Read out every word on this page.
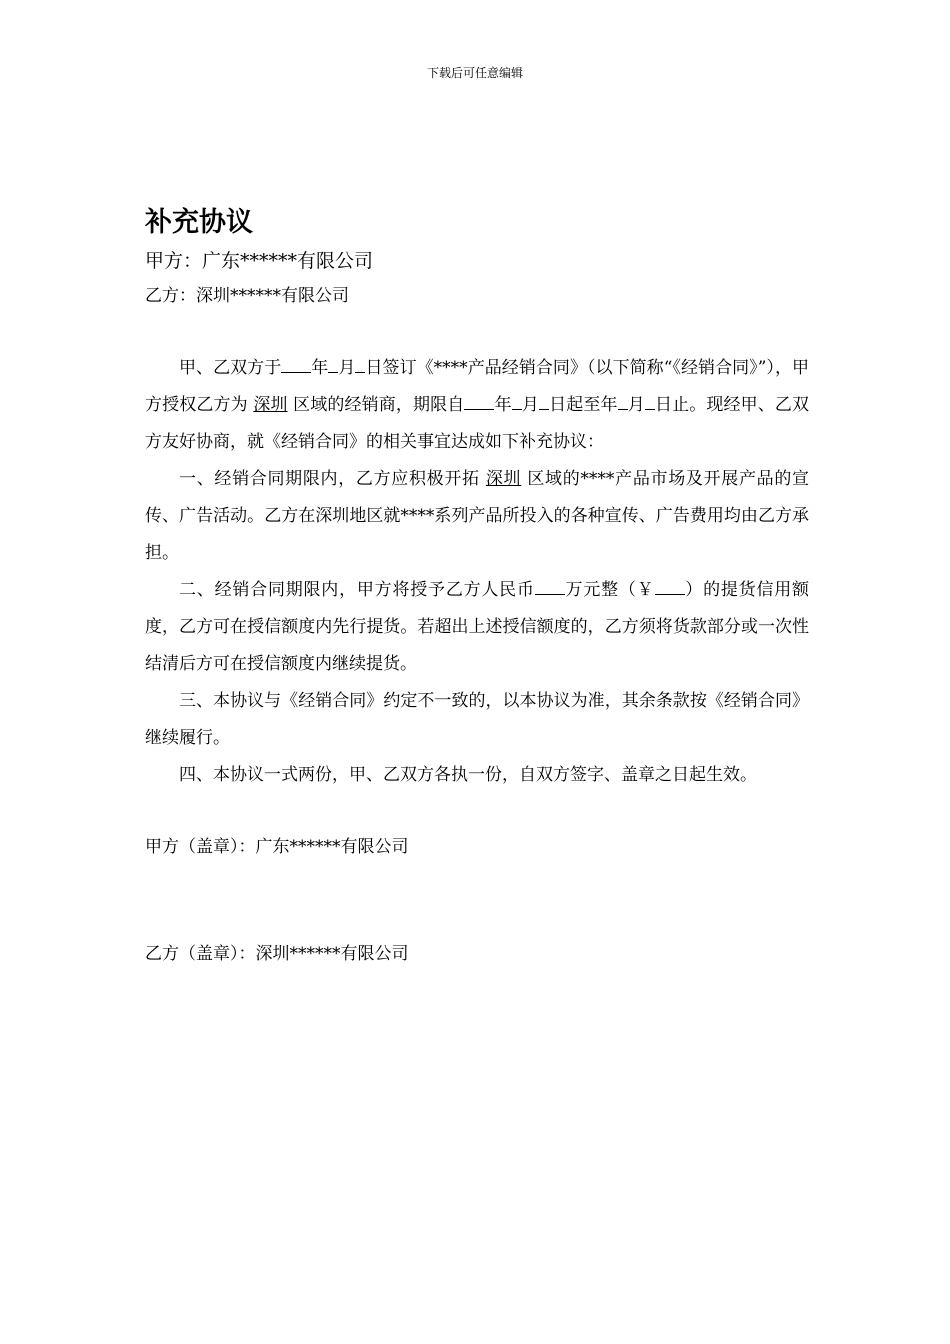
下载后可任意编辑
补充协议

甲方：广东******有限公司

乙方：深圳******有限公司

甲、乙双方于 年 月 日签订《****产品经销合同》（以下简称“《经销合同》”），甲方授权乙方为 深圳 区域的经销商，期限自 年 月 日起至年 月 日止。现经甲、乙双方友好协商，就《经销合同》的相关事宜达成如下补充协议：

一、经销合同期限内，乙方应积极开拓 深圳 区域的****产品市场及开展产品的宣传、广告活动。乙方在深圳地区就****系列产品所投入的各种宣传、广告费用均由乙方承担。

二、经销合同期限内，甲方将授予乙方人民币 万元整（￥ ）的提货信用额度，乙方可在授信额度内先行提货。若超出上述授信额度的，乙方须将货款部分或一次性结清后方可在授信额度内继续提货。

三、本协议与《经销合同》约定不一致的，以本协议为准，其余条款按《经销合同》继续履行。

四、本协议一式两份，甲、乙双方各执一份，自双方签字、盖章之日起生效。

甲方（盖章）：广东******有限公司

乙方（盖章）：深圳******有限公司
